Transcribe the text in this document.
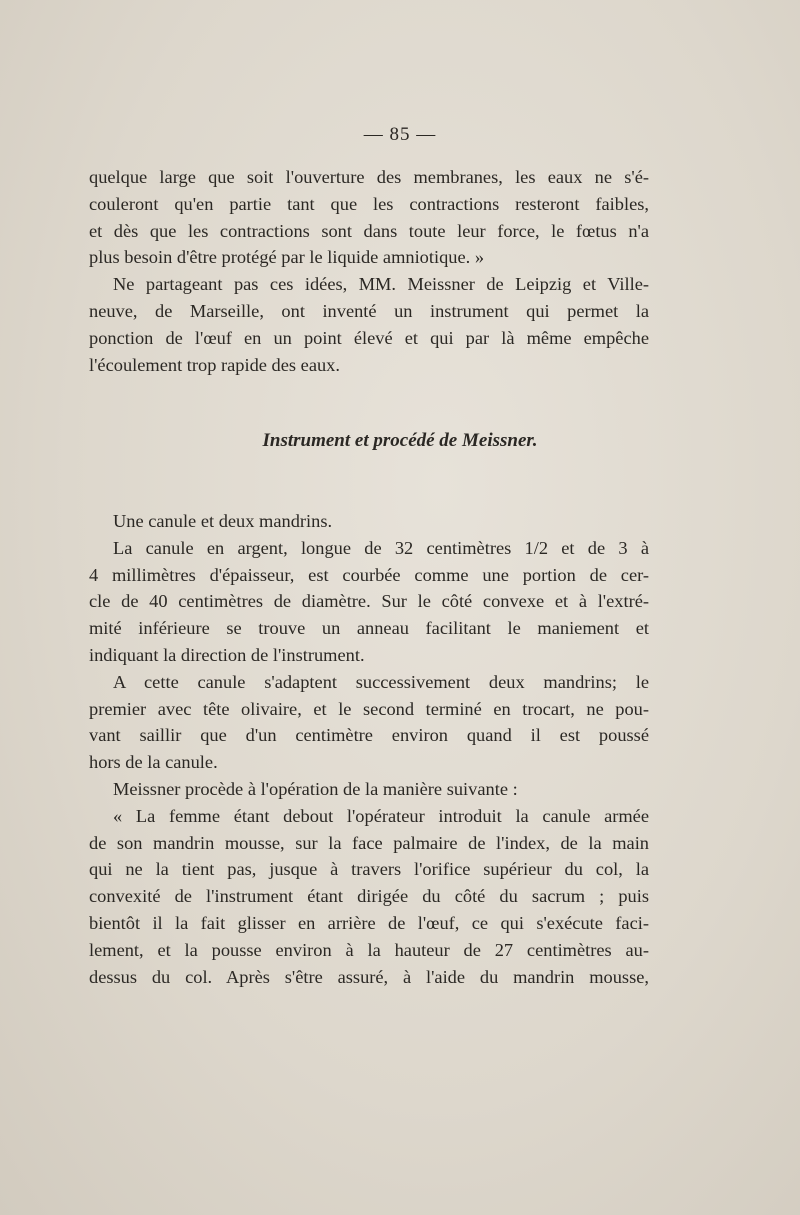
— 85 —
quelque large que soit l'ouverture des membranes, les eaux ne s'é-
couleront qu'en partie tant que les contractions resteront faibles,
et dès que les contractions sont dans toute leur force, le fœtus n'a
plus besoin d'être protégé par le liquide amniotique. »
Ne partageant pas ces idées, MM. Meissner de Leipzig et Ville-
neuve, de Marseille, ont inventé un instrument qui permet la
ponction de l'œuf en un point élevé et qui par là même empêche
l'écoulement trop rapide des eaux.
Instrument et procédé de Meissner.
Une canule et deux mandrins.
La canule en argent, longue de 32 centimètres 1/2 et de 3 à
4 millimètres d'épaisseur, est courbée comme une portion de cer-
cle de 40 centimètres de diamètre. Sur le côté convexe et à l'extré-
mité inférieure se trouve un anneau facilitant le maniement et
indiquant la direction de l'instrument.
A cette canule s'adaptent successivement deux mandrins; le
premier avec tête olivaire, et le second terminé en trocart, ne pou-
vant saillir que d'un centimètre environ quand il est poussé
hors de la canule.
Meissner procède à l'opération de la manière suivante :
« La femme étant debout l'opérateur introduit la canule armée
de son mandrin mousse, sur la face palmaire de l'index, de la main
qui ne la tient pas, jusque à travers l'orifice supérieur du col, la
convexité de l'instrument étant dirigée du côté du sacrum ; puis
bientôt il la fait glisser en arrière de l'œuf, ce qui s'exécute faci-
lement, et la pousse environ à la hauteur de 27 centimètres au-
dessus du col. Après s'être assuré, à l'aide du mandrin mousse,
